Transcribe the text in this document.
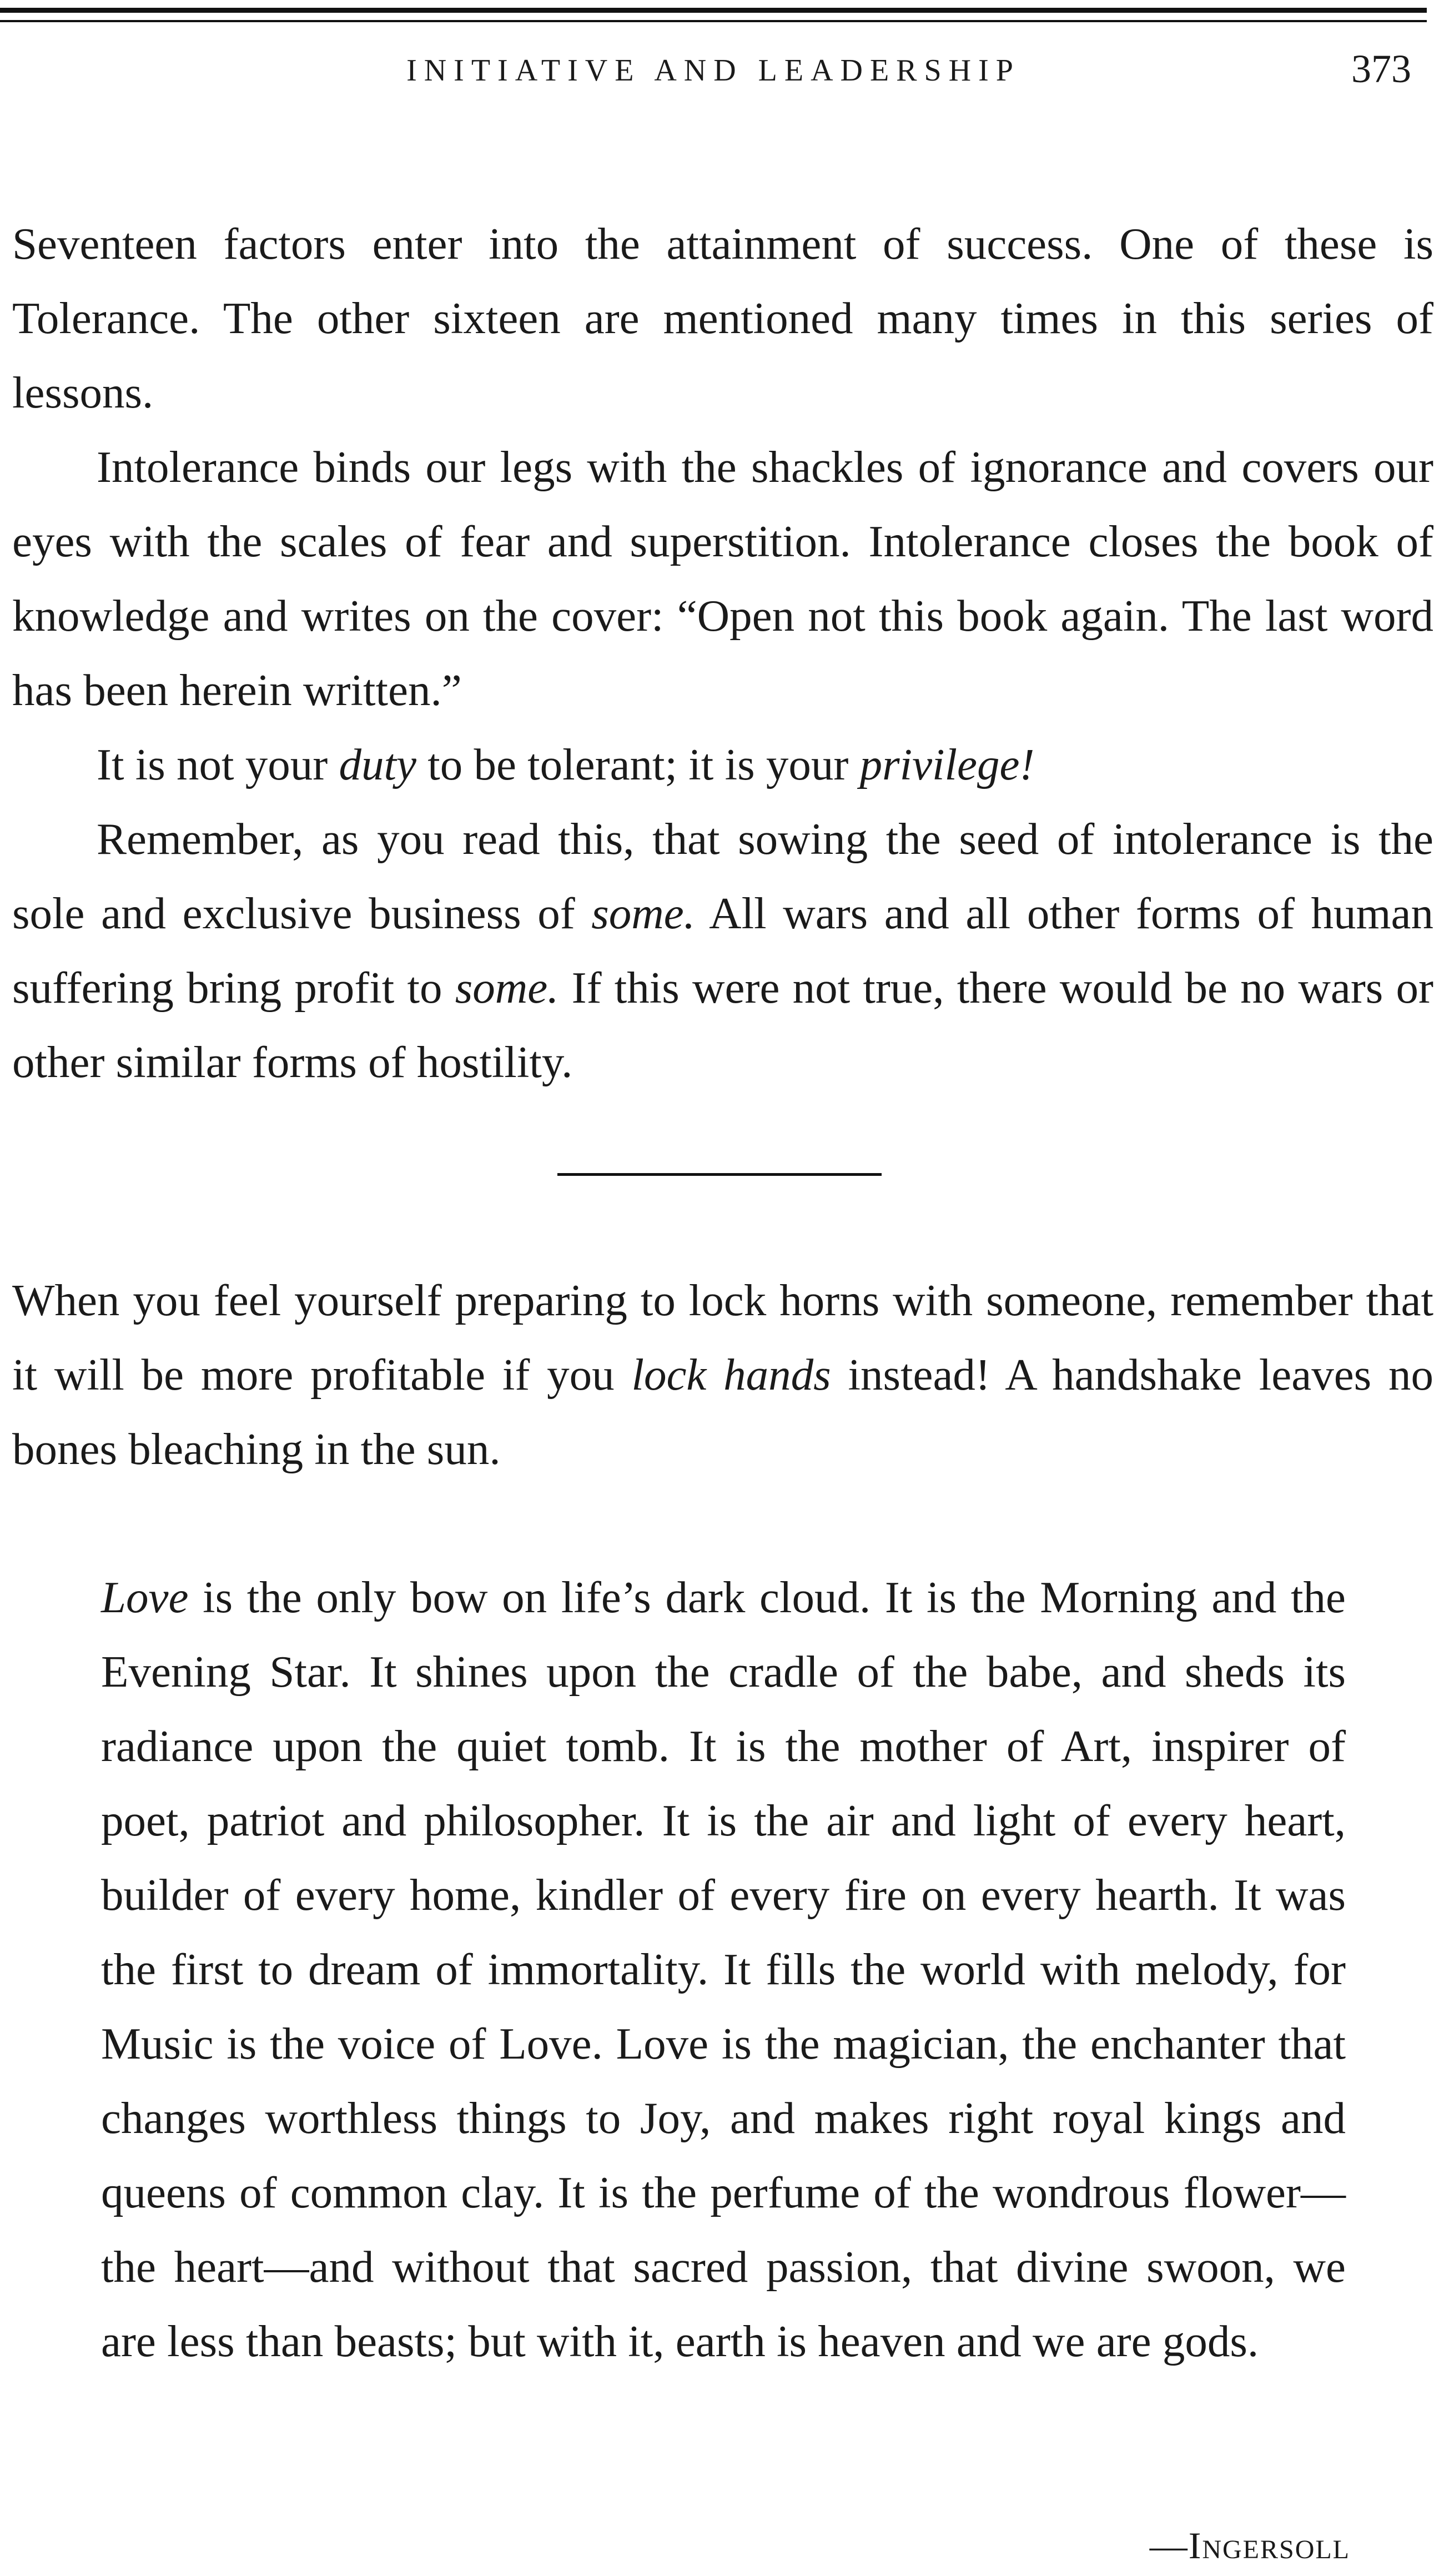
INITIATIVE AND LEADERSHIP	373

Seventeen factors enter into the attainment of success. One of these is Tolerance. The other sixteen are mentioned many times in this series of lessons.

Intolerance binds our legs with the shackles of ignorance and covers our eyes with the scales of fear and superstition. Intolerance closes the book of knowledge and writes on the cover: “Open not this book again. The last word has been herein written.”

It is not your duty to be tolerant; it is your privilege!

Remember, as you read this, that sowing the seed of intolerance is the sole and exclusive business of some. All wars and all other forms of human suffering bring profit to some. If this were not true, there would be no wars or other similar forms of hostility.

When you feel yourself preparing to lock horns with someone, remember that it will be more profitable if you lock hands instead! A handshake leaves no bones bleaching in the sun.

Love is the only bow on life’s dark cloud. It is the Morning and the Evening Star. It shines upon the cradle of the babe, and sheds its radiance upon the quiet tomb. It is the mother of Art, inspirer of poet, patriot and philosopher. It is the air and light of every heart, builder of every home, kindler of every fire on every hearth. It was the first to dream of immortality. It fills the world with melody, for Music is the voice of Love. Love is the magician, the enchanter that changes worthless things to Joy, and makes right royal kings and queens of common clay. It is the perfume of the wondrous flower—the heart—and without that sacred passion, that divine swoon, we are less than beasts; but with it, earth is heaven and we are gods.

—Ingersoll
